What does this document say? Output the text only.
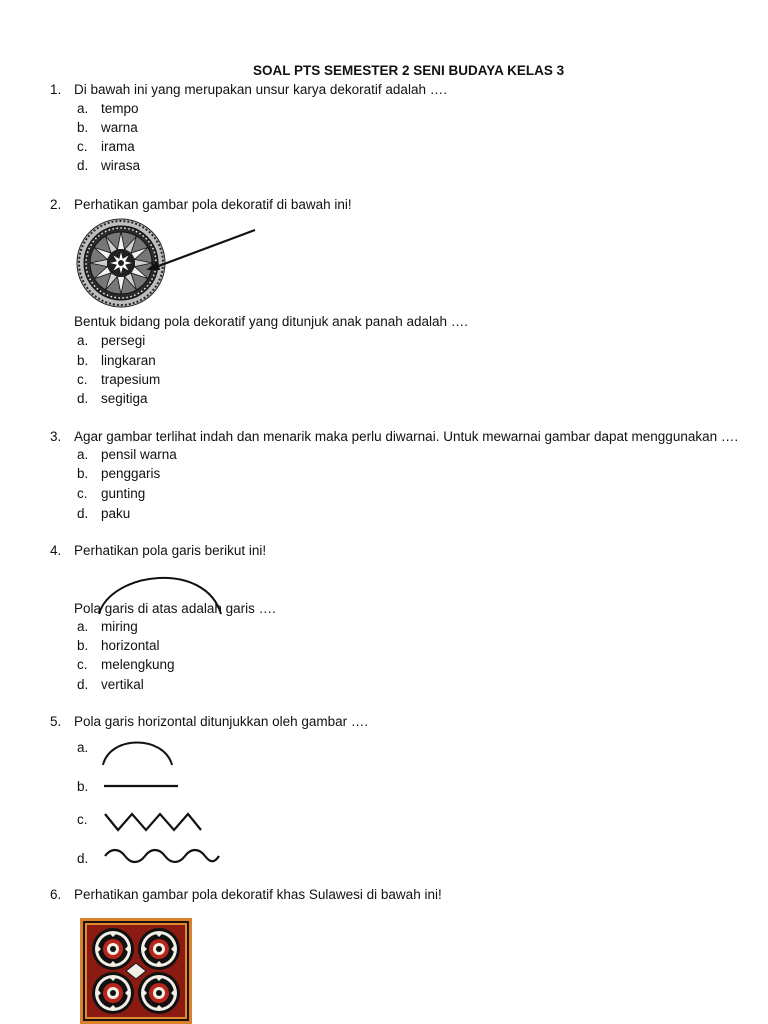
SOAL PTS SEMESTER 2 SENI BUDAYA KELAS 3
1. Di bawah ini yang merupakan unsur karya dekoratif adalah ….
a. tempo
b. warna
c. irama
d. wirasa
2. Perhatikan gambar pola dekoratif di bawah ini!
Bentuk bidang pola dekoratif yang ditunjuk anak panah adalah ….
a. persegi
b. lingkaran
c. trapesium
d. segitiga
3. Agar gambar terlihat indah dan menarik maka perlu diwarnai. Untuk mewarnai gambar dapat menggunakan ….
a. pensil warna
b. penggaris
c. gunting
d. paku
4. Perhatikan pola garis berikut ini!
Pola garis di atas adalah garis ….
a. miring
b. horizontal
c. melengkung
d. vertikal
5. Pola garis horizontal ditunjukkan oleh gambar ….
a.
b.
c.
d.
6. Perhatikan gambar pola dekoratif khas Sulawesi di bawah ini!
